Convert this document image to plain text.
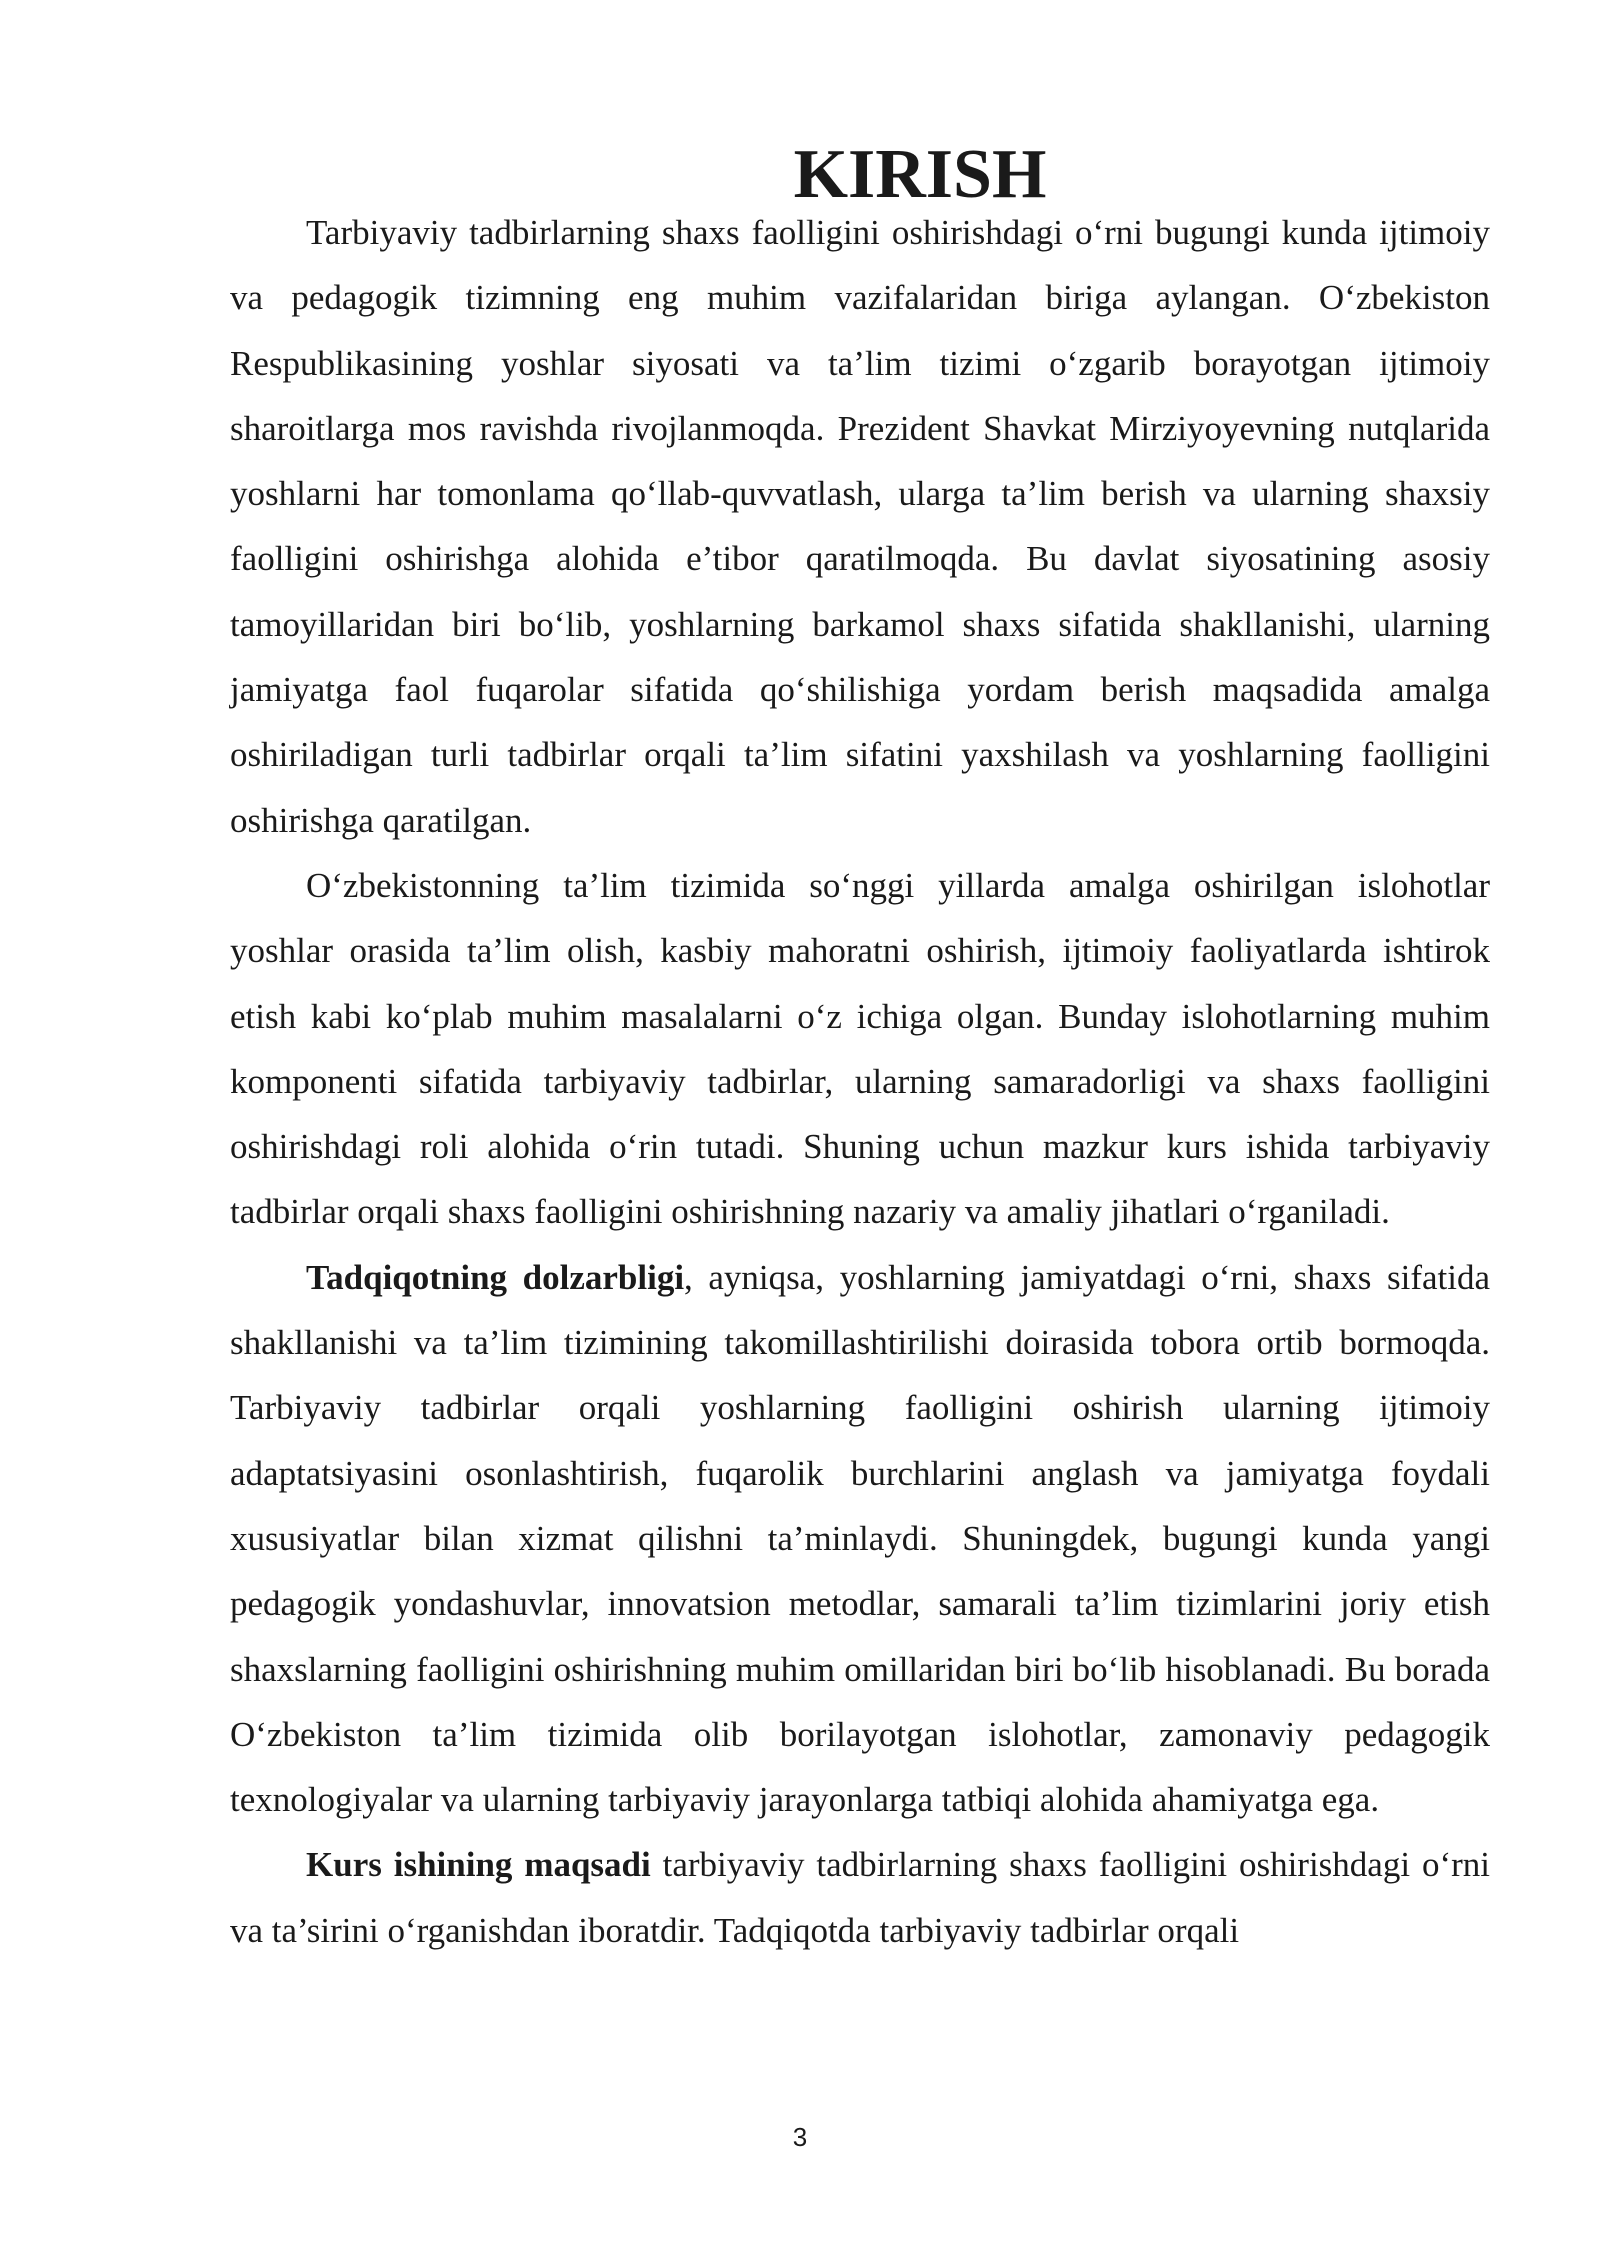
KIRISH

Tarbiyaviy tadbirlarning shaxs faolligini oshirishdagi o‘rni bugungi kunda ijtimoiy va pedagogik tizimning eng muhim vazifalaridan biriga aylangan. O‘zbekiston Respublikasining yoshlar siyosati va ta’lim tizimi o‘zgarib borayotgan ijtimoiy sharoitlarga mos ravishda rivojlanmoqda. Prezident Shavkat Mirziyoyevning nutqlarida yoshlarni har tomonlama qo‘llab-quvvatlash, ularga ta’lim berish va ularning shaxsiy faolligini oshirishga alohida e’tibor qaratilmoqda. Bu davlat siyosatining asosiy tamoyillaridan biri bo‘lib, yoshlarning barkamol shaxs sifatida shakllanishi, ularning jamiyatga faol fuqarolar sifatida qo‘shilishiga yordam berish maqsadida amalga oshiriladigan turli tadbirlar orqali ta’lim sifatini yaxshilash va yoshlarning faolligini oshirishga qaratilgan.

O‘zbekistonning ta’lim tizimida so‘nggi yillarda amalga oshirilgan islohotlar yoshlar orasida ta’lim olish, kasbiy mahoratni oshirish, ijtimoiy faoliyatlarda ishtirok etish kabi ko‘plab muhim masalalarni o‘z ichiga olgan. Bunday islohotlarning muhim komponenti sifatida tarbiyaviy tadbirlar, ularning samaradorligi va shaxs faolligini oshirishdagi roli alohida o‘rin tutadi. Shuning uchun mazkur kurs ishida tarbiyaviy tadbirlar orqali shaxs faolligini oshirishning nazariy va amaliy jihatlari o‘rganiladi.

Tadqiqotning dolzarbligi, ayniqsa, yoshlarning jamiyatdagi o‘rni, shaxs sifatida shakllanishi va ta’lim tizimining takomillashtirilishi doirasida tobora ortib bormoqda. Tarbiyaviy tadbirlar orqali yoshlarning faolligini oshirish ularning ijtimoiy adaptatsiyasini osonlashtirish, fuqarolik burchlarini anglash va jamiyatga foydali xususiyatlar bilan xizmat qilishni ta’minlaydi. Shuningdek, bugungi kunda yangi pedagogik yondashuvlar, innovatsion metodlar, samarali ta’lim tizimlarini joriy etish shaxslarning faolligini oshirishning muhim omillaridan biri bo‘lib hisoblanadi. Bu borada O‘zbekiston ta’lim tizimida olib borilayotgan islohotlar, zamonaviy pedagogik texnologiyalar va ularning tarbiyaviy jarayonlarga tatbiqi alohida ahamiyatga ega.

Kurs ishining maqsadi tarbiyaviy tadbirlarning shaxs faolligini oshirishdagi o‘rni va ta’sirini o‘rganishdan iboratdir. Tadqiqotda tarbiyaviy tadbirlar orqali

3
